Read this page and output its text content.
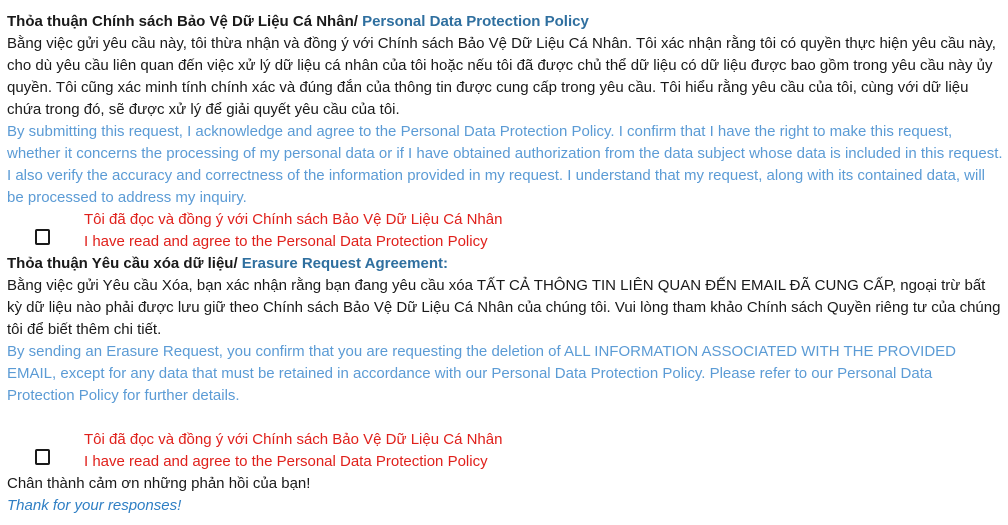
Thỏa thuận Chính sách Bảo Vệ Dữ Liệu Cá Nhân/ Personal Data Protection Policy

Bằng việc gửi yêu cầu này, tôi thừa nhận và đồng ý với Chính sách Bảo Vệ Dữ Liệu Cá Nhân. Tôi xác nhận rằng tôi có quyền thực hiện yêu cầu này, cho dù yêu cầu liên quan đến việc xử lý dữ liệu cá nhân của tôi hoặc nếu tôi đã được chủ thể dữ liệu có dữ liệu được bao gồm trong yêu cầu này ủy quyền. Tôi cũng xác minh tính chính xác và đúng đắn của thông tin được cung cấp trong yêu cầu. Tôi hiểu rằng yêu cầu của tôi, cùng với dữ liệu chứa trong đó, sẽ được xử lý để giải quyết yêu cầu của tôi.

By submitting this request, I acknowledge and agree to the Personal Data Protection Policy. I confirm that I have the right to make this request, whether it concerns the processing of my personal data or if I have obtained authorization from the data subject whose data is included in this request. I also verify the accuracy and correctness of the information provided in my request. I understand that my request, along with its contained data, will be processed to address my inquiry.

Tôi đã đọc và đồng ý với Chính sách Bảo Vệ Dữ Liệu Cá Nhân
I have read and agree to the Personal Data Protection Policy
Thỏa thuận Yêu cầu xóa dữ liệu/ Erasure Request Agreement:

Bằng việc gửi Yêu cầu Xóa, bạn xác nhận rằng bạn đang yêu cầu xóa TẤT CẢ THÔNG TIN LIÊN QUAN ĐẾN EMAIL ĐÃ CUNG CẤP, ngoại trừ bất kỳ dữ liệu nào phải được lưu giữ theo Chính sách Bảo Vệ Dữ Liệu Cá Nhân của chúng tôi. Vui lòng tham khảo Chính sách Quyền riêng tư của chúng tôi để biết thêm chi tiết.

By sending an Erasure Request, you confirm that you are requesting the deletion of ALL INFORMATION ASSOCIATED WITH THE PROVIDED EMAIL, except for any data that must be retained in accordance with our Personal Data Protection Policy. Please refer to our Personal Data Protection Policy for further details.

Tôi đã đọc và đồng ý với Chính sách Bảo Vệ Dữ Liệu Cá Nhân
I have read and agree to the Personal Data Protection Policy
Chân thành cảm ơn những phản hồi của bạn!
Thank for your responses!
